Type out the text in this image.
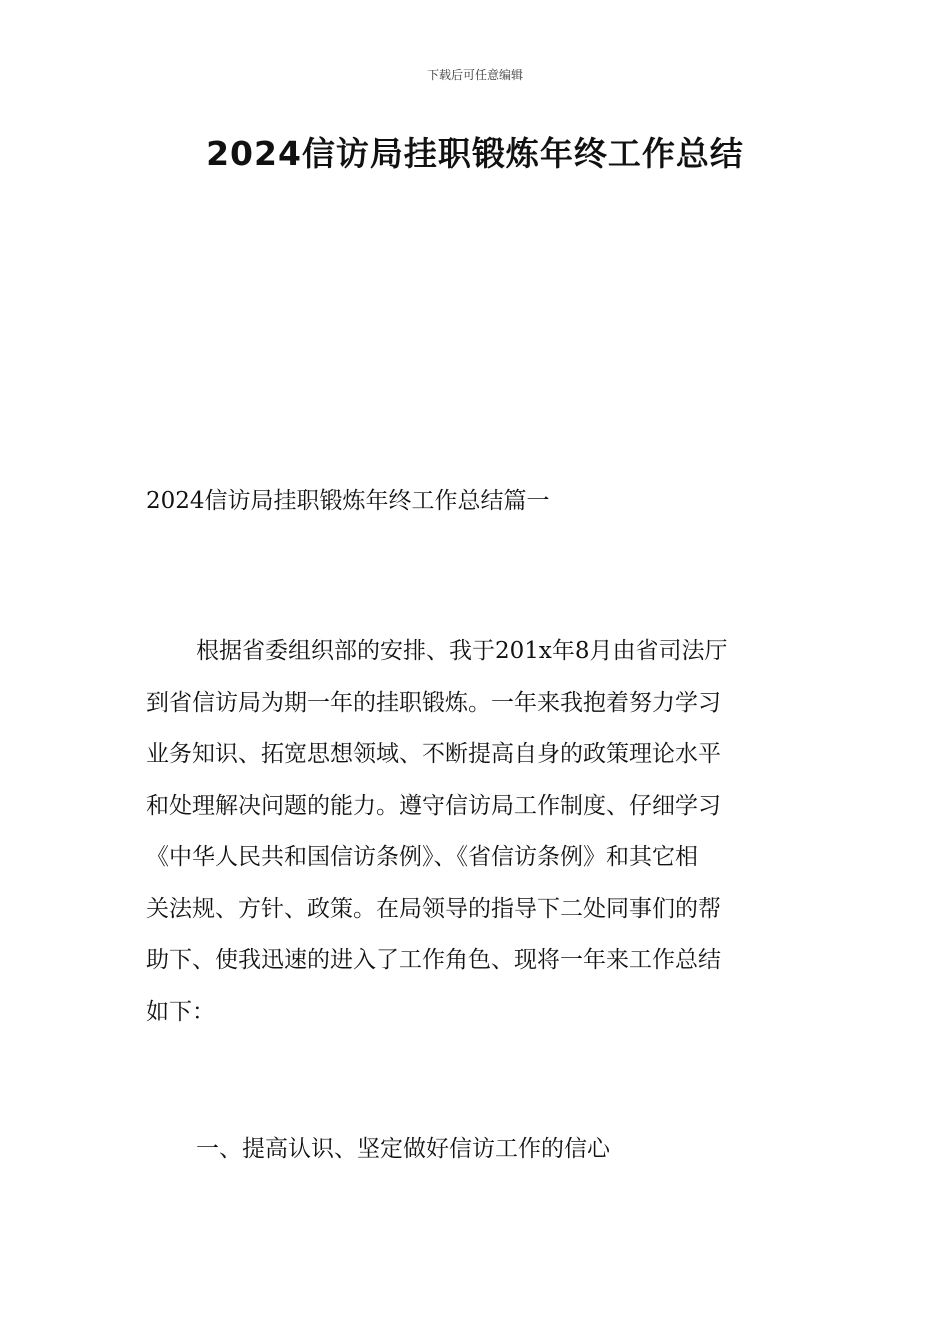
下载后可任意编辑
2024信访局挂职锻炼年终工作总结

2024信访局挂职锻炼年终工作总结篇一

根据省委组织部的安排、我于201x年8月由省司法厅
到省信访局为期一年的挂职锻炼。一年来我抱着努力学习
业务知识、拓宽思想领域、不断提高自身的政策理论水平
和处理解决问题的能力。遵守信访局工作制度、仔细学习
《中华人民共和国信访条例》、《省信访条例》和其它相
关法规、方针、政策。在局领导的指导下二处同事们的帮
助下、使我迅速的进入了工作角色、现将一年来工作总结
如下：

一、提高认识、坚定做好信访工作的信心
